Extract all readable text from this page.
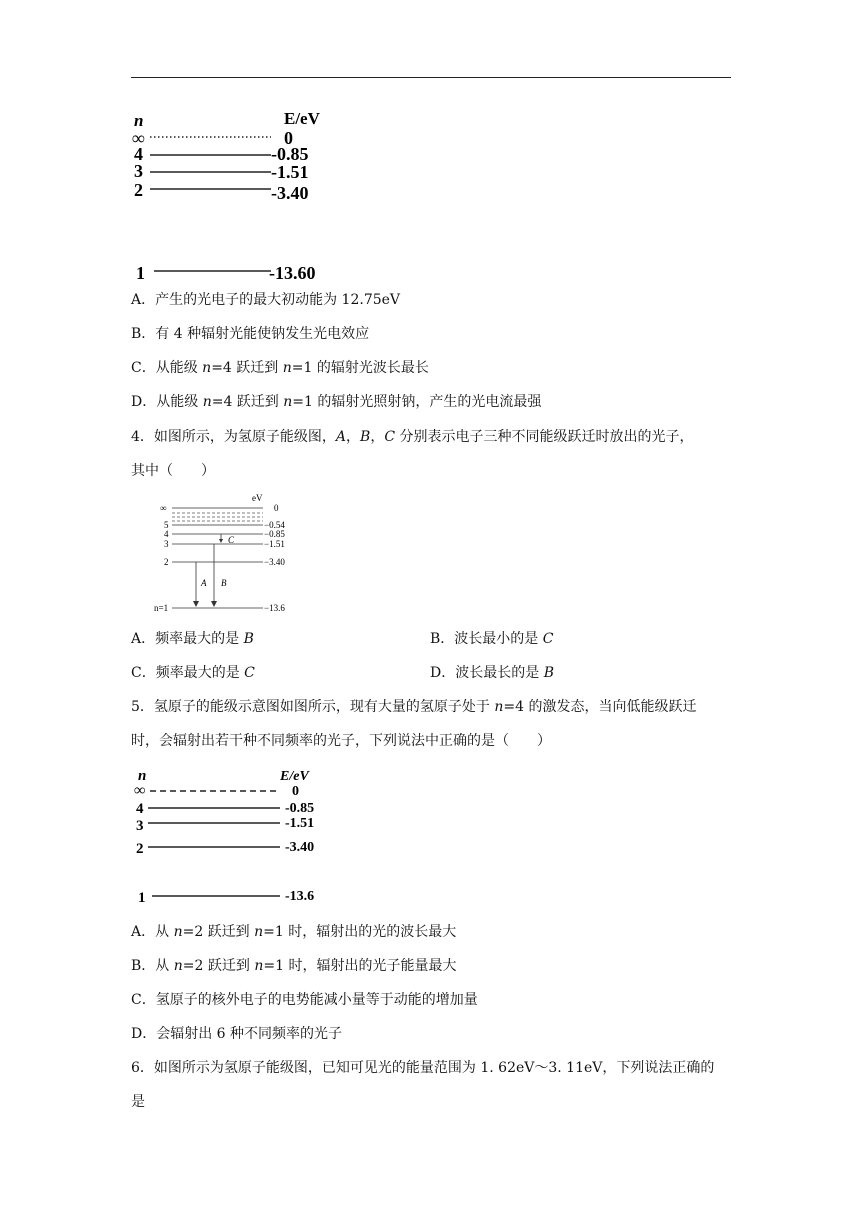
n	E/eV
∞	0
4	-0.85
3	-1.51
2	-3.40
1	-13.60
A．产生的光电子的最大初动能为 12.75eV
B．有 4 种辐射光能使钠发生光电效应
C．从能级 n=4 跃迁到 n=1 的辐射光波长最长
D．从能级 n=4 跃迁到 n=1 的辐射光照射钠，产生的光电流最强
4．如图所示，为氢原子能级图，A，B，C 分别表示电子三种不同能级跃迁时放出的光子，
其中（　　）
eV
∞	0
5	−0.54
4	−0.85
3	−1.51
2	−3.40
n=1	−13.6
A B
C
A．频率最大的是 B	B．波长最小的是 C
C．频率最大的是 C	D．波长最长的是 B
5．氢原子的能级示意图如图所示，现有大量的氢原子处于 n=4 的激发态，当向低能级跃迁
时，会辐射出若干种不同频率的光子，下列说法中正确的是（　　）
n	E/eV
∞	0
4	-0.85
3	-1.51
2	-3.40
1	-13.6
A．从 n=2 跃迁到 n=1 时，辐射出的光的波长最大
B．从 n=2 跃迁到 n=1 时，辐射出的光子能量最大
C．氢原子的核外电子的电势能减小量等于动能的增加量
D．会辐射出 6 种不同频率的光子
6．如图所示为氢原子能级图，已知可见光的能量范围为 1. 62eV～3. 11eV，下列说法正确的
是
